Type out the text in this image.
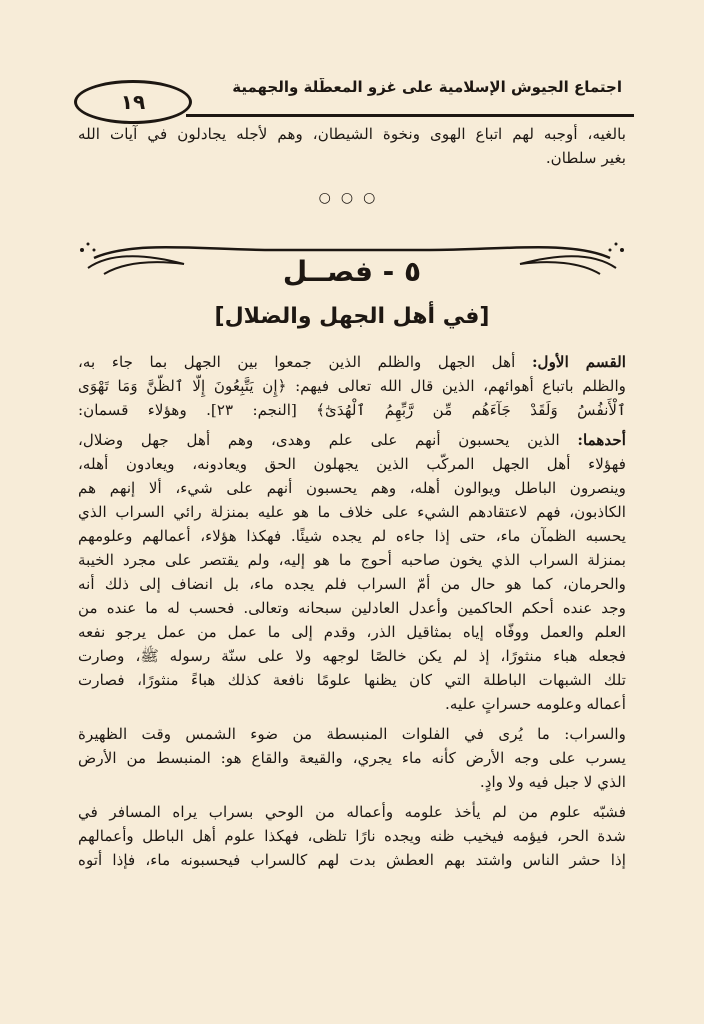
١٩
اجتماع الجيوش الإسلامية على غزو المعطّلة والجهمية
بالغيه، أوجبه لهم اتباع الهوى ونخوة الشيطان، وهم لأجله يجادلون في آيات الله
بغير سلطان.
○○○
٥ - فصــل
[في أهل الجهل والضلال]
القسم الأول: أهل الجهل والظلم الذين جمعوا بين الجهل بما جاء به،
والظلم باتباع أهوائهم، الذين قال الله تعالى فيهم: ﴿إِن يَتَّبِعُونَ إِلَّا ٱلظَّنَّ وَمَا تَهْوَى
ٱلْأَنفُسُ وَلَقَدْ جَآءَهُم مِّن رَّبِّهِمُ ٱلْهُدَىٰٓ﴾ [النجم: ٢٣]. وهؤلاء قسمان:
أحدهما: الذين يحسبون أنهم على علم وهدى، وهم أهل جهل وضلال،
فهؤلاء أهل الجهل المركّب الذين يجهلون الحق ويعادونه، ويعادون أهله،
وينصرون الباطل ويوالون أهله، وهم يحسبون أنهم على شيء، ألا إنهم هم
الكاذبون، فهم لاعتقادهم الشيء على خلاف ما هو عليه بمنزلة رائي السراب الذي
يحسبه الظمآن ماء، حتى إذا جاءه لم يجده شيئًا. فهكذا هؤلاء، أعمالهم وعلومهم
بمنزلة السراب الذي يخون صاحبه أحوج ما هو إليه، ولم يقتصر على مجرد الخيبة
والحرمان، كما هو حال من أمّ السراب فلم يجده ماء، بل انضاف إلى ذلك أنه
وجد عنده أحكم الحاكمين وأعدل العادلين سبحانه وتعالى. فحسب له ما عنده من
العلم والعمل ووفّاه إياه بمثاقيل الذر، وقدم إلى ما عمل من عمل يرجو نفعه
فجعله هباء منثورًا، إذ لم يكن خالصًا لوجهه ولا على سنّة رسوله ﷺ، وصارت
تلك الشبهات الباطلة التي كان يظنها علومًا نافعة كذلك هباءً منثورًا، فصارت
أعماله وعلومه حسراتٍ عليه.
والسراب: ما يُرى في الفلوات المنبسطة من ضوء الشمس وقت الظهيرة
يسرب على وجه الأرض كأنه ماء يجري، والقيعة والقاع هو: المنبسط من الأرض
الذي لا جبل فيه ولا وادٍ.
فشبّه علوم من لم يأخذ علومه وأعماله من الوحي بسراب يراه المسافر في
شدة الحر، فيؤمه فيخيب ظنه ويجده نارًا تلظى، فهكذا علوم أهل الباطل وأعمالهم
إذا حشر الناس واشتد بهم العطش بدت لهم كالسراب فيحسبونه ماء، فإذا أتوه
